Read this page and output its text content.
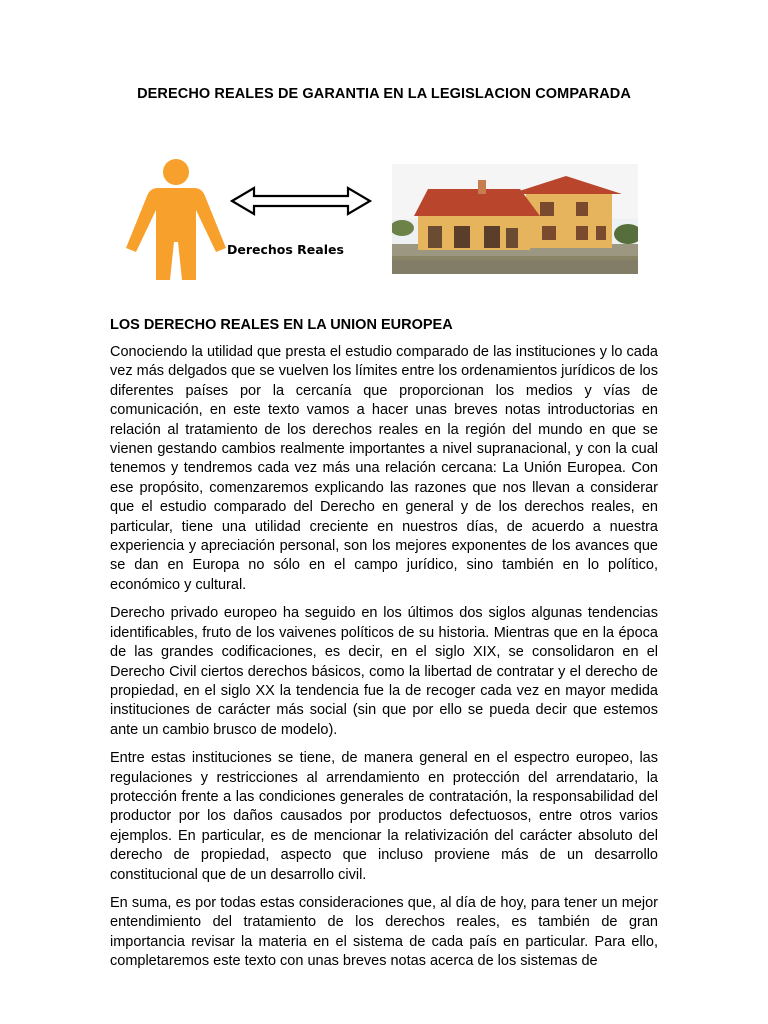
DERECHO REALES DE GARANTIA EN LA LEGISLACION COMPARADA
Derechos Reales
LOS DERECHO REALES EN LA UNION EUROPEA

Conociendo la utilidad que presta el estudio comparado de las instituciones y lo cada vez más delgados que se vuelven los límites entre los ordenamientos jurídicos de los diferentes países por la cercanía que proporcionan los medios y vías de comunicación, en este texto vamos a hacer unas breves notas introductorias en relación al tratamiento de los derechos reales en la región del mundo en que se vienen gestando cambios realmente importantes a nivel supranacional, y con la cual tenemos y tendremos cada vez más una relación cercana: La Unión Europea. Con ese propósito, comenzaremos explicando las razones que nos llevan a considerar que el estudio comparado del Derecho en general y de los derechos reales, en particular, tiene una utilidad creciente en nuestros días, de acuerdo a nuestra experiencia y apreciación personal, son los mejores exponentes de los avances que se dan en Europa no sólo en el campo jurídico, sino también en lo político, económico y cultural.

Derecho privado europeo ha seguido en los últimos dos siglos algunas tendencias identificables, fruto de los vaivenes políticos de su historia. Mientras que en la época de las grandes codificaciones, es decir, en el siglo XIX, se consolidaron en el Derecho Civil ciertos derechos básicos, como la libertad de contratar y el derecho de propiedad, en el siglo XX la tendencia fue la de recoger cada vez en mayor medida instituciones de carácter más social (sin que por ello se pueda decir que estemos ante un cambio brusco de modelo).

Entre estas instituciones se tiene, de manera general en el espectro europeo, las regulaciones y restricciones al arrendamiento en protección del arrendatario, la protección frente a las condiciones generales de contratación, la responsabilidad del productor por los daños causados por productos defectuosos, entre otros varios ejemplos. En particular, es de mencionar la relativización del carácter absoluto del derecho de propiedad, aspecto que incluso proviene más de un desarrollo constitucional que de un desarrollo civil.

En suma, es por todas estas consideraciones que, al día de hoy, para tener un mejor entendimiento del tratamiento de los derechos reales, es también de gran importancia revisar la materia en el sistema de cada país en particular. Para ello, completaremos este texto con unas breves notas acerca de los sistemas de
